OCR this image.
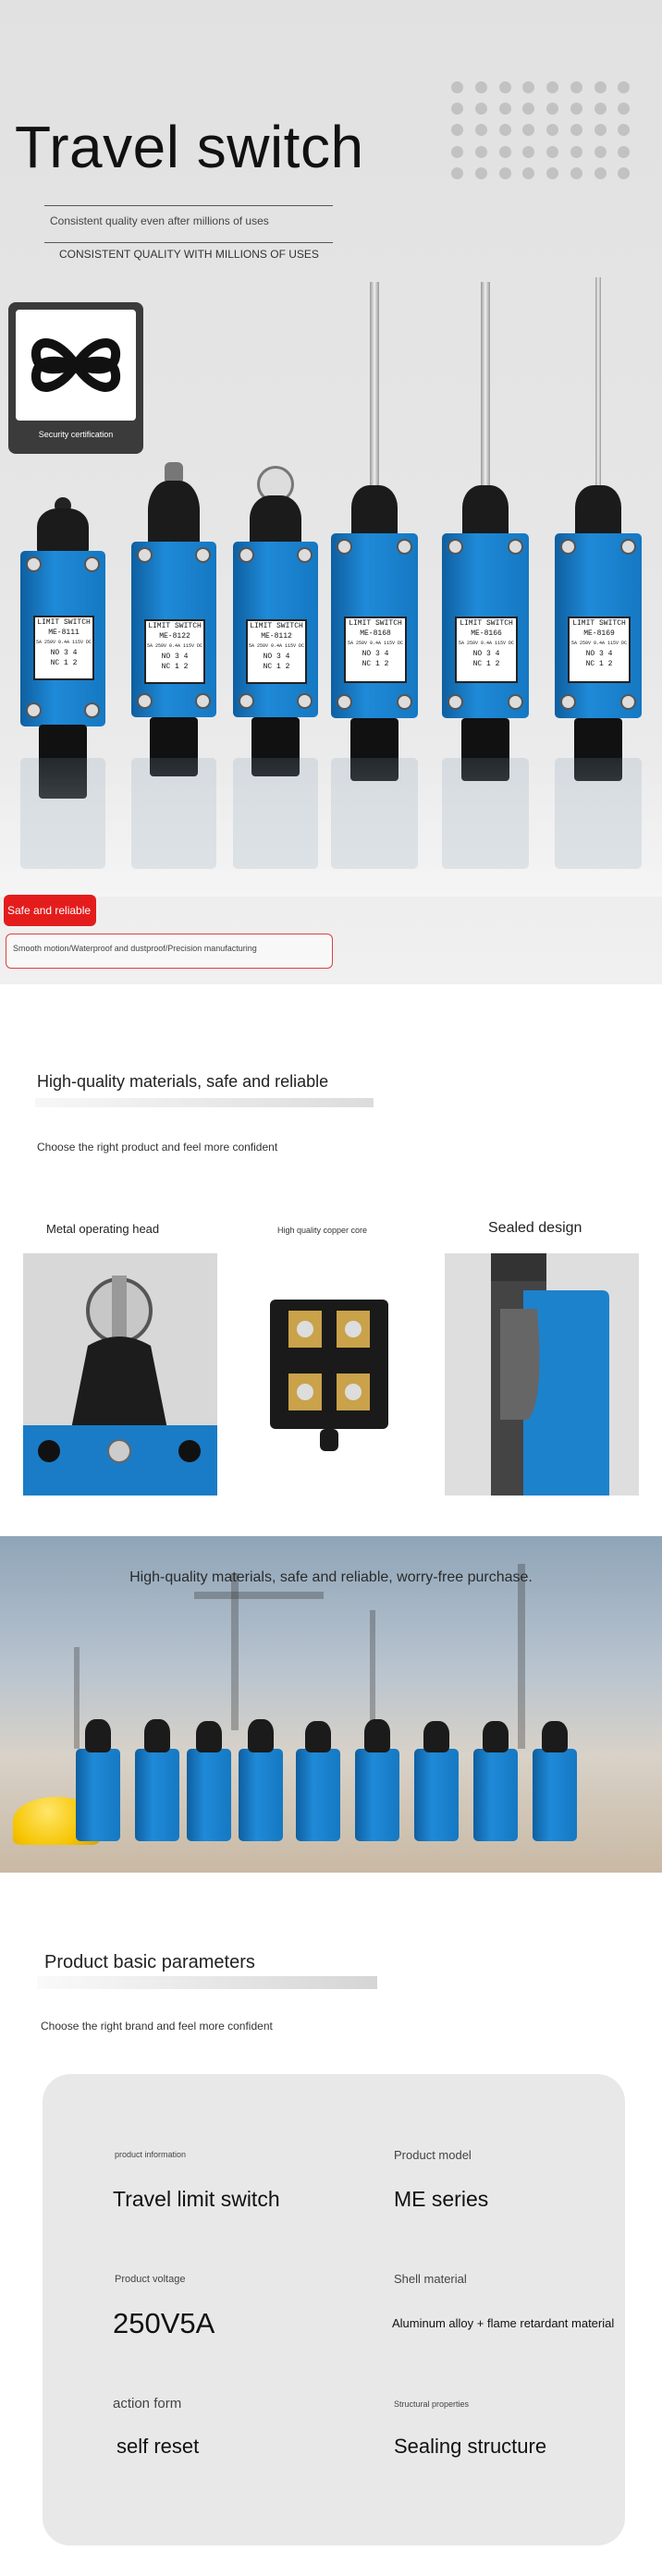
Travel switch
Consistent quality even after millions of uses
CONSISTENT QUALITY WITH MILLIONS OF USES
Security certification
LIMIT SWITCH
ME-8111
5A 250V 0.4A 115V DC
NO 3 4
NC 1 2
LIMIT SWITCH
ME-8122
5A 250V 0.4A 115V DC
NO 3 4
NC 1 2
LIMIT SWITCH
ME-8112
5A 250V 0.4A 115V DC
NO 3 4
NC 1 2
LIMIT SWITCH
ME-8168
5A 250V 0.4A 115V DC
NO 3 4
NC 1 2
LIMIT SWITCH
ME-8166
5A 250V 0.4A 115V DC
NO 3 4
NC 1 2
LIMIT SWITCH
ME-8169
5A 250V 0.4A 115V DC
NO 3 4
NC 1 2
Safe and reliable
Smooth motion/Waterproof and dustproof/Precision manufacturing
High-quality materials, safe and reliable
Choose the right product and feel more confident
Metal operating head	High quality copper core	Sealed design
High-quality materials, safe and reliable, worry-free purchase.
Product basic parameters
Choose the right brand and feel more confident
product information
Travel limit switch
Product model
ME series
Product voltage
250V5A
Shell material
Aluminum alloy + flame retardant material
action form
self reset
Structural properties
Sealing structure
